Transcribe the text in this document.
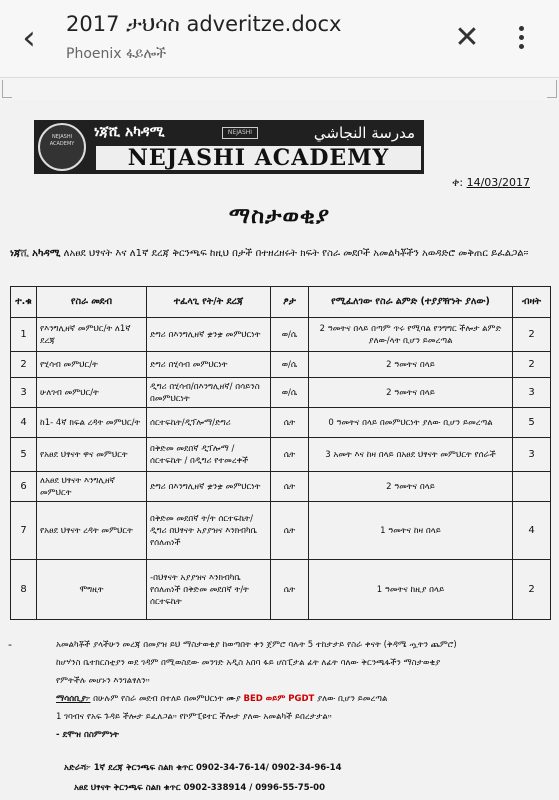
‹	2017 ታህሳስ adveritze.docx
Phoenix ፋይሎች	✕
NEJASHI ACADEMY
ነጃሺ አካዳሚ	NEJASHI	مدرسة النجاشي
NEJASHI ACADEMY
ቀ: 14/03/2017
ማስታወቂያ
ነጃሺ አካዳሚ ለአፀደ ህፃናት እና ለ1ኛ ደረጃ ቅርንጫፍ ከዚህ በታች በተዘረዘሩት ክፍት የስራ መደቦች አመልካቾችን አወዳድሮ መቅጠር ይፈልጋል።
ተ.ቁ	የስራ መደብ	ተፈላጊ የት/ት ደረጃ	ፆታ	የሚፈለገው የስራ ልምድ (ተያያዥነት ያለው)	ብዛት
1	የእንግሊዘኛ መምህር/ት ለ1ኛ ደረጃ	ድግሪ በእንግሊዘኛ ቋንቋ መምህርነት	ወ/ሴ	2 ዓመትና በላይ በጣም ጥሩ የሚባል የንግግር ችሎታ ልምድ ያለው/ላት ቢሆን ይመረጣል	2
2	የሂሳብ መምህር/ት	ድግሪ በሂሳብ መምህርነት	ወ/ሴ	2 ዓመትና በላይ	2
3	ሁለገብ መምህር/ት	ዲግሪ በሂሳብ/በእንግሊዘኛ/ በሳይንስ በመምህርነት	ወ/ሴ	2 ዓመትና በላይ	3
4	ከ1- 4ኛ ክፍል ረዳት መምህር/ት	ሰርተፍኬት/ዲፕሎማ/ድግሪ	ሴት	0 ዓመትና በላይ በመምህርነት ያለው ቢሆን ይመረጣል	5
5	የአፀደ ህፃናት ዋና መምህርት	በቅድመ መደበኛ ዲፕሎማ / ሰርተፍኬት / በዲግሪ የተመረቀች	ሴት	3 አመት እና ከዛ በላይ በአፀደ ህፃናት መምህርት የሰራች	3
6	ለአፀደ ህፃናት እንግሊዘኛ መምህርት	ድግሪ በእንግሊዘኛ ቋንቋ መምህርነት	ሴት	2 ዓመትና በላይ	
7	የአፀደ ህፃናት ረዳት መምህርት	በቅድመ መደበኛ ት/ት ሰርተፍኬት/ ዲግሪ በህፃናት አያያዝና እንክብካቤ የሰለጠነች	ሴት	1 ዓመትና ከዛ በላይ	4
8	ሞግዚት	-በህፃናት አያያዝና እንክብካቤ የሰለጠነች በቅድመ መደበኛ ት/ት ሰርተፍኬት	ሴት	1 ዓመትና ከዚያ በላይ	2
-	አመልካቾች ያላችሁን መረጃ በመያዝ ይህ ማስታወቂያ ከወጣበት ቀን ጀምሮ ባሉት 5 ተከታታይ የስራ ቀናት (ቅዳሜ ጧትን ጨምሮ)

ከሆሃንስ ቤተክርስቲያን ወደ ገዳም በሚወስደው መንገድ አዲስ አበባ ፋይ ሆስፒታል ፊት ለፊት ባለው ቅርንጫፋችን ማስታወቂያ

የምትችሉ መሆኑን እንገልፃለን።

ማሳሰቢያ፦ በሁሉም የስራ መደብ በተለይ በመምህርነት ሙያ BED ወይም PGDT ያለው ቢሆን ይመረጣል

1 ገባብና የአፍ ጉዳይ ችሎታ ይፈለጋል። የኮምፒዩተር ችሎታ ያለው አመልካች ይበረታታል።

- ደሞዝ በስምምነት

አድራሻ፦ 1ኛ ደረጃ ቅርንጫፍ ስልክ ቁጥር 0902-34-76-14/ 0902-34-96-14

አፀደ ህፃናት ቅርንጫፍ ስልክ ቁጥር 0902-338914 / 0996-55-75-00
